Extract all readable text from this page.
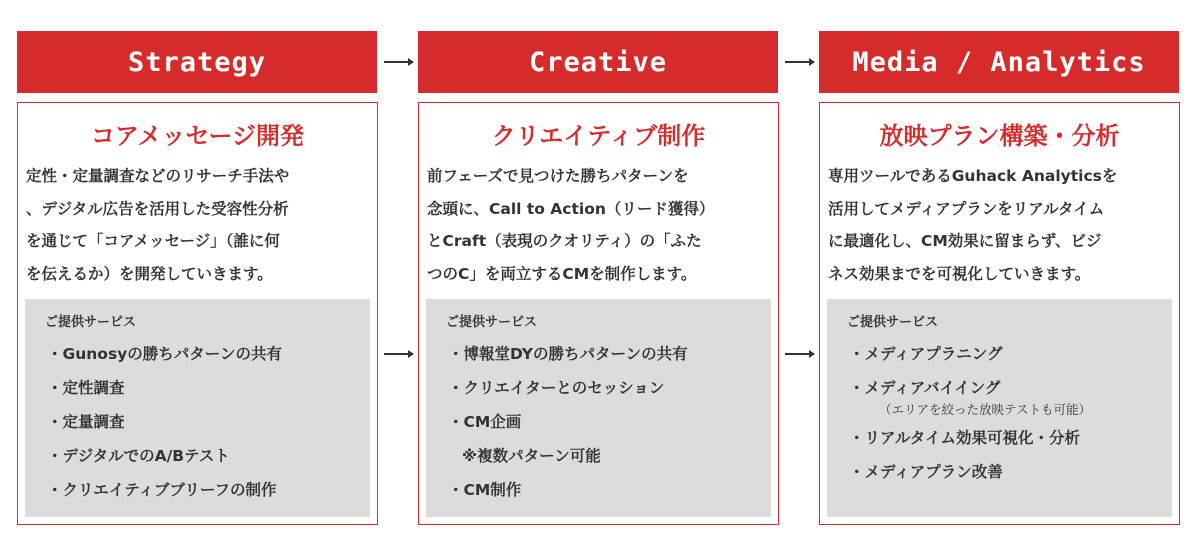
Strategy
コアメッセージ開発
定性・定量調査などのリサーチ手法や
、デジタル広告を活用した受容性分析
を通じて「コアメッセージ」（誰に何
を伝えるか）を開発していきます。
ご提供サービス
・Gunosyの勝ちパターンの共有
・定性調査
・定量調査
・デジタルでのA/Bテスト
・クリエイティブブリーフの制作
Creative
クリエイティブ制作
前フェーズで見つけた勝ちパターンを
念頭に、Call to Action（リード獲得）
とCraft（表現のクオリティ）の「ふた
つのC」を両立するCMを制作します。
ご提供サービス
・博報堂DYの勝ちパターンの共有
・クリエイターとのセッション
・CM企画
※複数パターン可能
・CM制作
Media / Analytics
放映プラン構築・分析
専用ツールであるGuhack Analyticsを
活用してメディアプランをリアルタイム
に最適化し、CM効果に留まらず、ビジ
ネス効果までを可視化していきます。
ご提供サービス
・メディアプラニング
・メディアバイイング
（エリアを絞った放映テストも可能）
・リアルタイム効果可視化・分析
・メディアプラン改善
